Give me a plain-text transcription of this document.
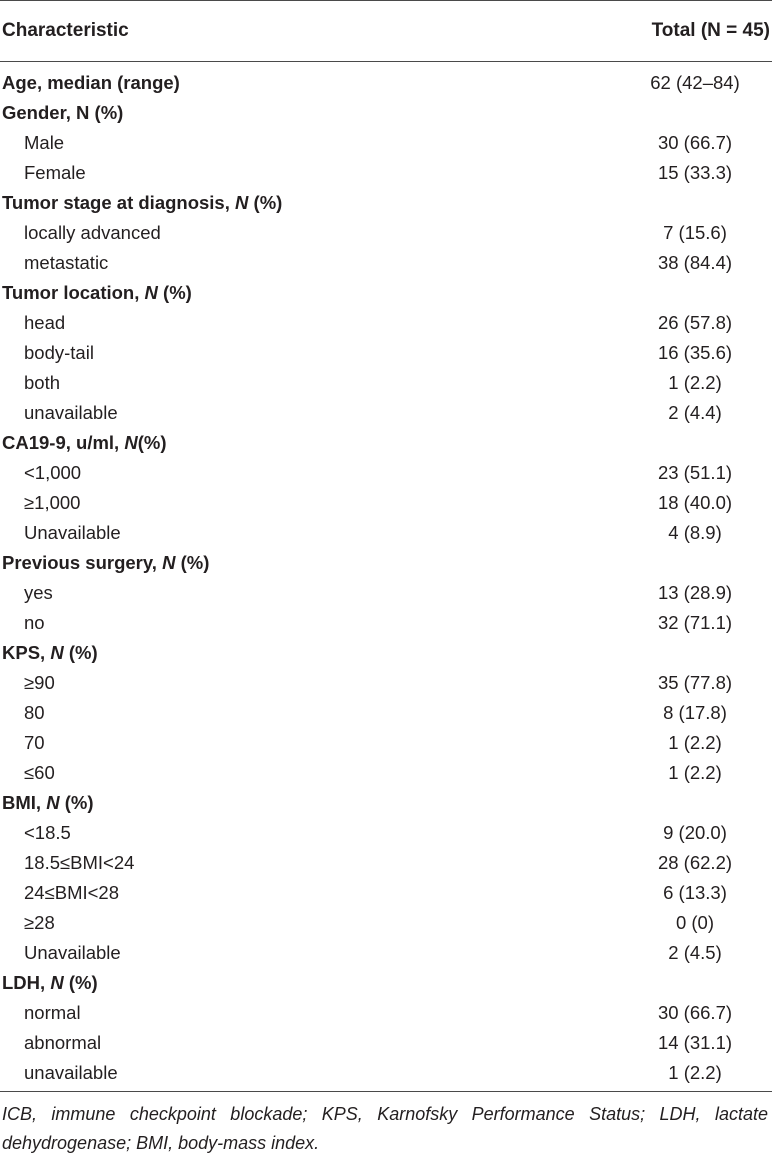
Characteristic	Total (N = 45)
Age, median (range)	62 (42–84)
Gender, N (%)
Male	30 (66.7)
Female	15 (33.3)
Tumor stage at diagnosis, N (%)
locally advanced	7 (15.6)
metastatic	38 (84.4)
Tumor location, N (%)
head	26 (57.8)
body-tail	16 (35.6)
both	1 (2.2)
unavailable	2 (4.4)
CA19-9, u/ml, N(%)
<1,000	23 (51.1)
≥1,000	18 (40.0)
Unavailable	4 (8.9)
Previous surgery, N (%)
yes	13 (28.9)
no	32 (71.1)
KPS, N (%)
≥90	35 (77.8)
80	8 (17.8)
70	1 (2.2)
≤60	1 (2.2)
BMI, N (%)
<18.5	9 (20.0)
18.5≤BMI<24	28 (62.2)
24≤BMI<28	6 (13.3)
≥28	0 (0)
Unavailable	2 (4.5)
LDH, N (%)
normal	30 (66.7)
abnormal	14 (31.1)
unavailable	1 (2.2)
ICB, immune checkpoint blockade; KPS, Karnofsky Performance Status; LDH, lactate
dehydrogenase; BMI, body-mass index.
